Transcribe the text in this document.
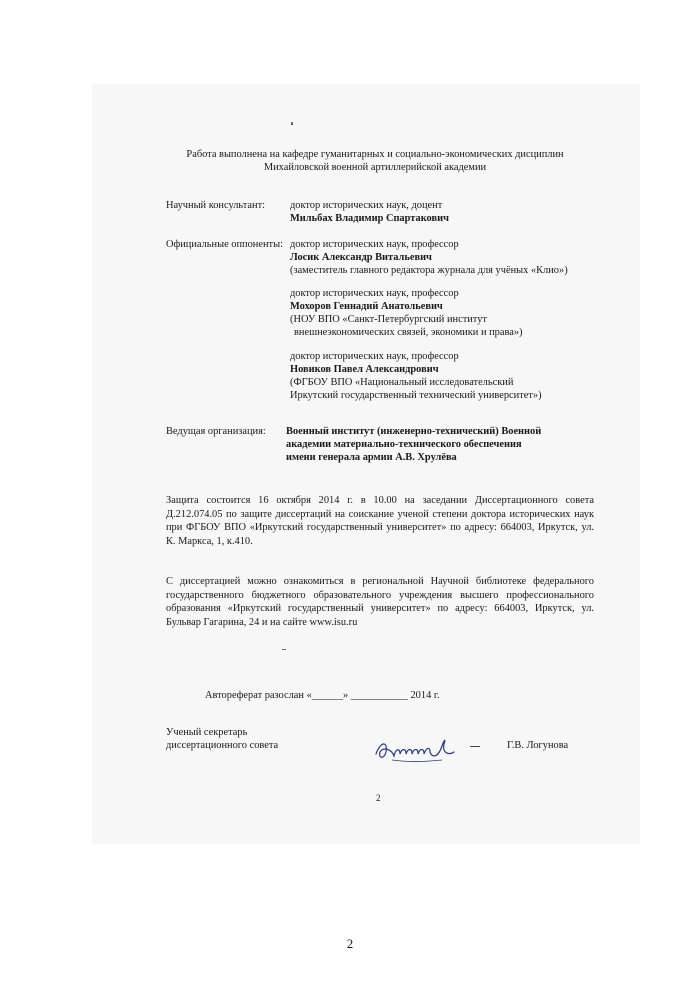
Работа выполнена на кафедре гуманитарных и социально-экономических дисциплин
Михайловской военной артиллерийской академии
Научный консультант: доктор исторических наук, доцент
Мильбах Владимир Спартакович
Официальные оппоненты: доктор исторических наук, профессор
Лосик Александр Витальевич
(заместитель главного редактора журнала для учёных «Клио»)
доктор исторических наук, профессор
Мохоров Геннадий Анатольевич
(НОУ ВПО «Санкт-Петербургский институт
внешнеэкономических связей, экономики и права»)
доктор исторических наук, профессор
Новиков Павел Александрович
(ФГБОУ ВПО «Национальный исследовательский
Иркутский государственный технический университет»)
Ведущая организация: Военный институт (инженерно-технический) Военной
академии материально-технического обеспечения
имени генерала армии А.В. Хрулёва
Защита состоится 16 октября 2014 г. в 10.00 на заседании Диссертационного совета Д.212.074.05 по защите диссертаций на соискание ученой степени доктора исторических наук при ФГБОУ ВПО «Иркутский государственный университет» по адресу: 664003, Иркутск, ул. К. Маркса, 1, к.410.
С диссертацией можно ознакомиться в региональной Научной библиотеке федерального государственного бюджетного образовательного учреждения высшего профессионального образования «Иркутский государственный университет» по адресу: 664003, Иркутск, ул. Бульвар Гагарина, 24 и на сайте www.isu.ru
Автореферат разослан «______» ___________ 2014 г.
Ученый секретарь
диссертационного совета	Г.В. Логунова
2
2
